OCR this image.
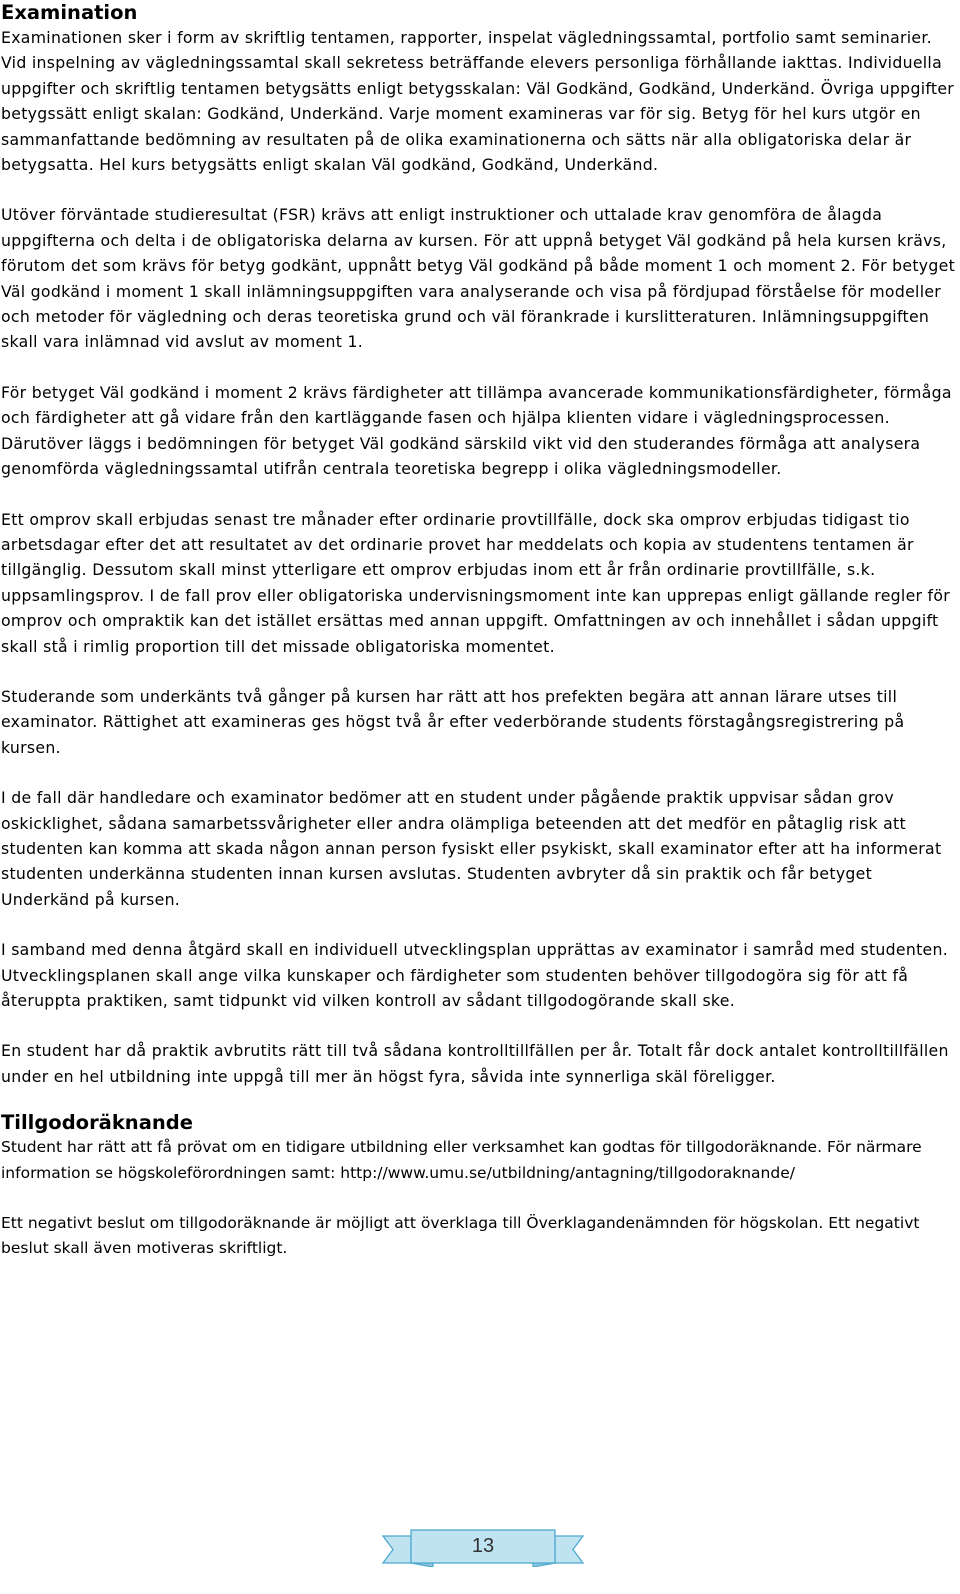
Examination

Examinationen sker i form av skriftlig tentamen, rapporter, inspelat vägledningssamtal, portfolio samt seminarier. Vid inspelning av vägledningssamtal skall sekretess beträffande elevers personliga förhållande iakttas. Individuella uppgifter och skriftlig tentamen betygsätts enligt betygsskalan: Väl Godkänd, Godkänd, Underkänd. Övriga uppgifter betygssätt enligt skalan: Godkänd, Underkänd. Varje moment examineras var för sig. Betyg för hel kurs utgör en sammanfattande bedömning av resultaten på de olika examinationerna och sätts när alla obligatoriska delar är betygsatta. Hel kurs betygsätts enligt skalan Väl godkänd, Godkänd, Underkänd.

Utöver förväntade studieresultat (FSR) krävs att enligt instruktioner och uttalade krav genomföra de ålagda uppgifterna och delta i de obligatoriska delarna av kursen. För att uppnå betyget Väl godkänd på hela kursen krävs, förutom det som krävs för betyg godkänt, uppnått betyg Väl godkänd på både moment 1 och moment 2. För betyget Väl godkänd i moment 1 skall inlämningsuppgiften vara analyserande och visa på fördjupad förståelse för modeller och metoder för vägledning och deras teoretiska grund och väl förankrade i kurslitteraturen. Inlämningsuppgiften skall vara inlämnad vid avslut av moment 1.

För betyget Väl godkänd i moment 2 krävs färdigheter att tillämpa avancerade kommunikationsfärdigheter, förmåga och färdigheter att gå vidare från den kartläggande fasen och hjälpa klienten vidare i vägledningsprocessen. Därutöver läggs i bedömningen för betyget Väl godkänd särskild vikt vid den studerandes förmåga att analysera genomförda vägledningssamtal utifrån centrala teoretiska begrepp i olika vägledningsmodeller.

Ett omprov skall erbjudas senast tre månader efter ordinarie provtillfälle, dock ska omprov erbjudas tidigast tio arbetsdagar efter det att resultatet av det ordinarie provet har meddelats och kopia av studentens tentamen är tillgänglig. Dessutom skall minst ytterligare ett omprov erbjudas inom ett år från ordinarie provtillfälle, s.k. uppsamlingsprov. I de fall prov eller obligatoriska undervisningsmoment inte kan upprepas enligt gällande regler för omprov och ompraktik kan det istället ersättas med annan uppgift. Omfattningen av och innehållet i sådan uppgift skall stå i rimlig proportion till det missade obligatoriska momentet.

Studerande som underkänts två gånger på kursen har rätt att hos prefekten begära att annan lärare utses till examinator. Rättighet att examineras ges högst två år efter vederbörande students förstagångsregistrering på kursen.

I de fall där handledare och examinator bedömer att en student under pågående praktik uppvisar sådan grov oskicklighet, sådana samarbetssvårigheter eller andra olämpliga beteenden att det medför en påtaglig risk att studenten kan komma att skada någon annan person fysiskt eller psykiskt, skall examinator efter att ha informerat studenten underkänna studenten innan kursen avslutas. Studenten avbryter då sin praktik och får betyget Underkänd på kursen.

I samband med denna åtgärd skall en individuell utvecklingsplan upprättas av examinator i samråd med studenten. Utvecklingsplanen skall ange vilka kunskaper och färdigheter som studenten behöver tillgodogöra sig för att få återuppta praktiken, samt tidpunkt vid vilken kontroll av sådant tillgodogörande skall ske.

En student har då praktik avbrutits rätt till två sådana kontrolltillfällen per år. Totalt får dock antalet kontrolltillfällen under en hel utbildning inte uppgå till mer än högst fyra, såvida inte synnerliga skäl föreligger.

Tillgodoräknande

Student har rätt att få prövat om en tidigare utbildning eller verksamhet kan godtas för tillgodoräknande. För närmare information se högskoleförordningen samt: http://www.umu.se/utbildning/antagning/tillgodoraknande/

Ett negativt beslut om tillgodoräknande är möjligt att överklaga till Överklagandenämnden för högskolan. Ett negativt beslut skall även motiveras skriftligt.

13
